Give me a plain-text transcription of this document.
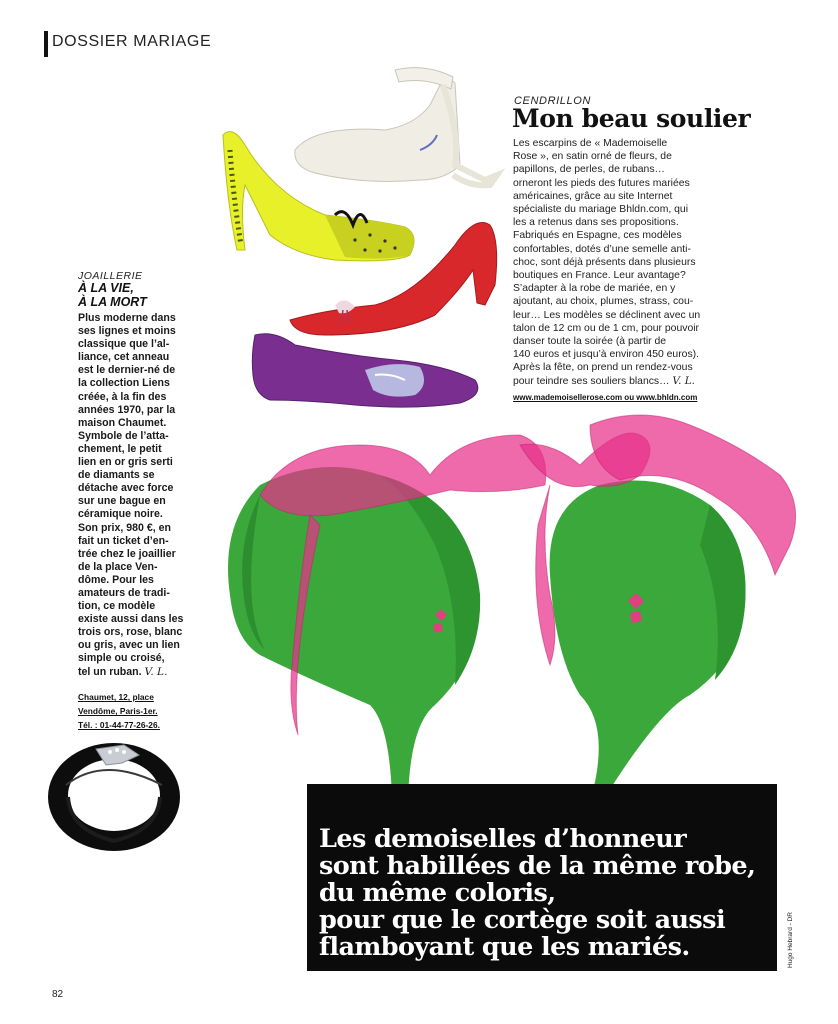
DOSSIER MARIAGE
CENDRILLON
Mon beau soulier
Les escarpins de « Mademoiselle
Rose », en satin orné de fleurs, de
papillons, de perles, de rubans…
orneront les pieds des futures mariées
américaines, grâce au site Internet
spécialiste du mariage Bhldn.com, qui
les a retenus dans ses propositions.
Fabriqués en Espagne, ces modèles
confortables, dotés d’une semelle anti-
choc, sont déjà présents dans plusieurs
boutiques en France. Leur avantage?
S’adapter à la robe de mariée, en y
ajoutant, au choix, plumes, strass, cou-
leur… Les modèles se déclinent avec un
talon de 12 cm ou de 1 cm, pour pouvoir
danser toute la soirée (à partir de
140 euros et jusqu’à environ 450 euros).
Après la fête, on prend un rendez-vous
pour teindre ses souliers blancs… V. L.
www.mademoisellerose.com ou www.bhldn.com
JOAILLERIE
À LA VIE,
À LA MORT
Plus moderne dans
ses lignes et moins
classique que l’al-
liance, cet anneau
est le dernier-né de
la collection Liens
créée, à la fin des
années 1970, par la
maison Chaumet.
Symbole de l’atta-
chement, le petit
lien en or gris serti
de diamants se
détache avec force
sur une bague en
céramique noire.
Son prix, 980 €, en
fait un ticket d’en-
trée chez le joaillier
de la place Ven-
dôme. Pour les
amateurs de tradi-
tion, ce modèle
existe aussi dans les
trois ors, rose, blanc
ou gris, avec un lien
simple ou croisé,
tel un ruban. V. L.
Chaumet, 12, place
Vendôme, Paris-1er.
Tél. : 01-44-77-26-26.
Les demoiselles d’honneur
sont habillées de la même robe,
du même coloris,
pour que le cortège soit aussi
flamboyant que les mariés.	Hugo Hebrard - DR
82
